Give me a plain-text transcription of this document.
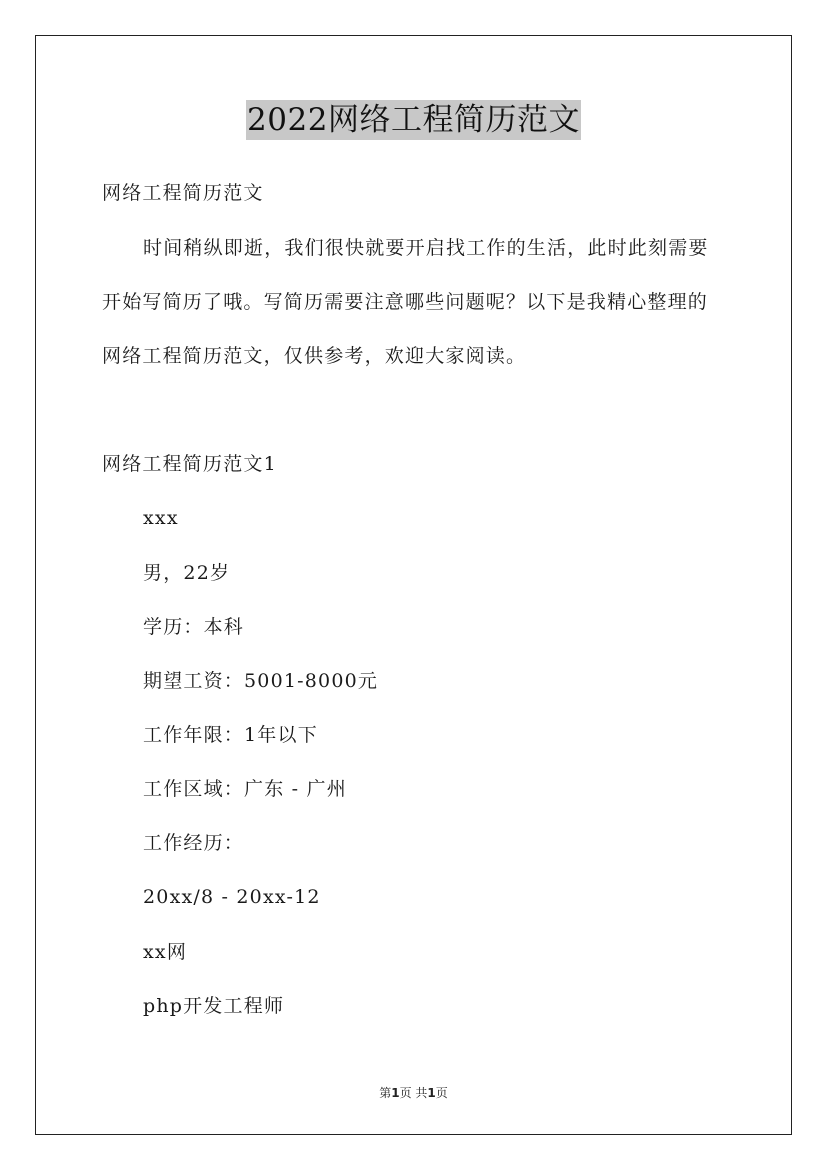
2022网络工程简历范文
网络工程简历范文
时间稍纵即逝，我们很快就要开启找工作的生活，此时此刻需要
开始写简历了哦。写简历需要注意哪些问题呢？以下是我精心整理的
网络工程简历范文，仅供参考，欢迎大家阅读。
网络工程简历范文1
xxx
男，22岁
学历：本科
期望工资：5001-8000元
工作年限：1年以下
工作区域：广东 - 广州
工作经历：
20xx/8 - 20xx-12
xx网
php开发工程师
第1页 共1页
